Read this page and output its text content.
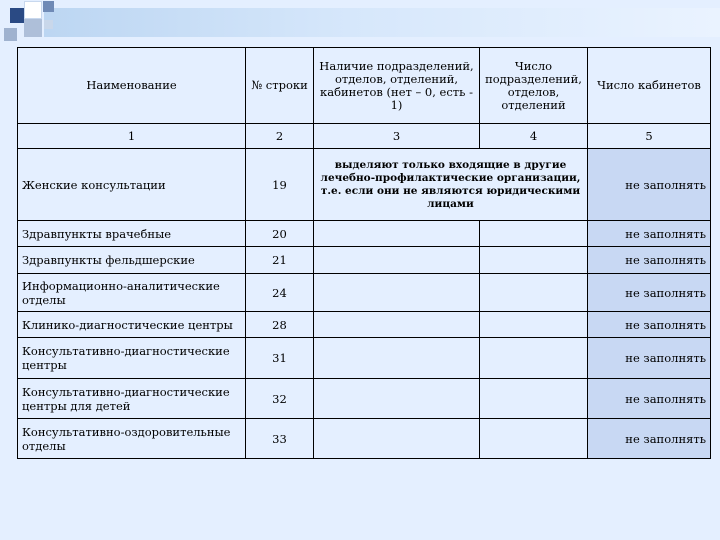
Наименование	№ строки	Наличие подразделений, отделов, отделений, кабинетов (нет – 0, есть - 1)	Число подразделений, отделов, отделений	Число кабинетов
1	2	3	4	5
Женские консультации	19	выделяют только входящие в другие лечебно-профилактические организации, т.е. если они не являются юридическими лицами		не заполнять
Здравпункты врачебные	20			не заполнять
Здравпункты фельдшерские	21			не заполнять
Информационно-аналитические отделы	24			не заполнять
Клинико-диагностические центры	28			не заполнять
Консультативно-диагностические центры	31			не заполнять
Консультативно-диагностические центры для детей	32			не заполнять
Консультативно-оздоровительные отделы	33			не заполнять
